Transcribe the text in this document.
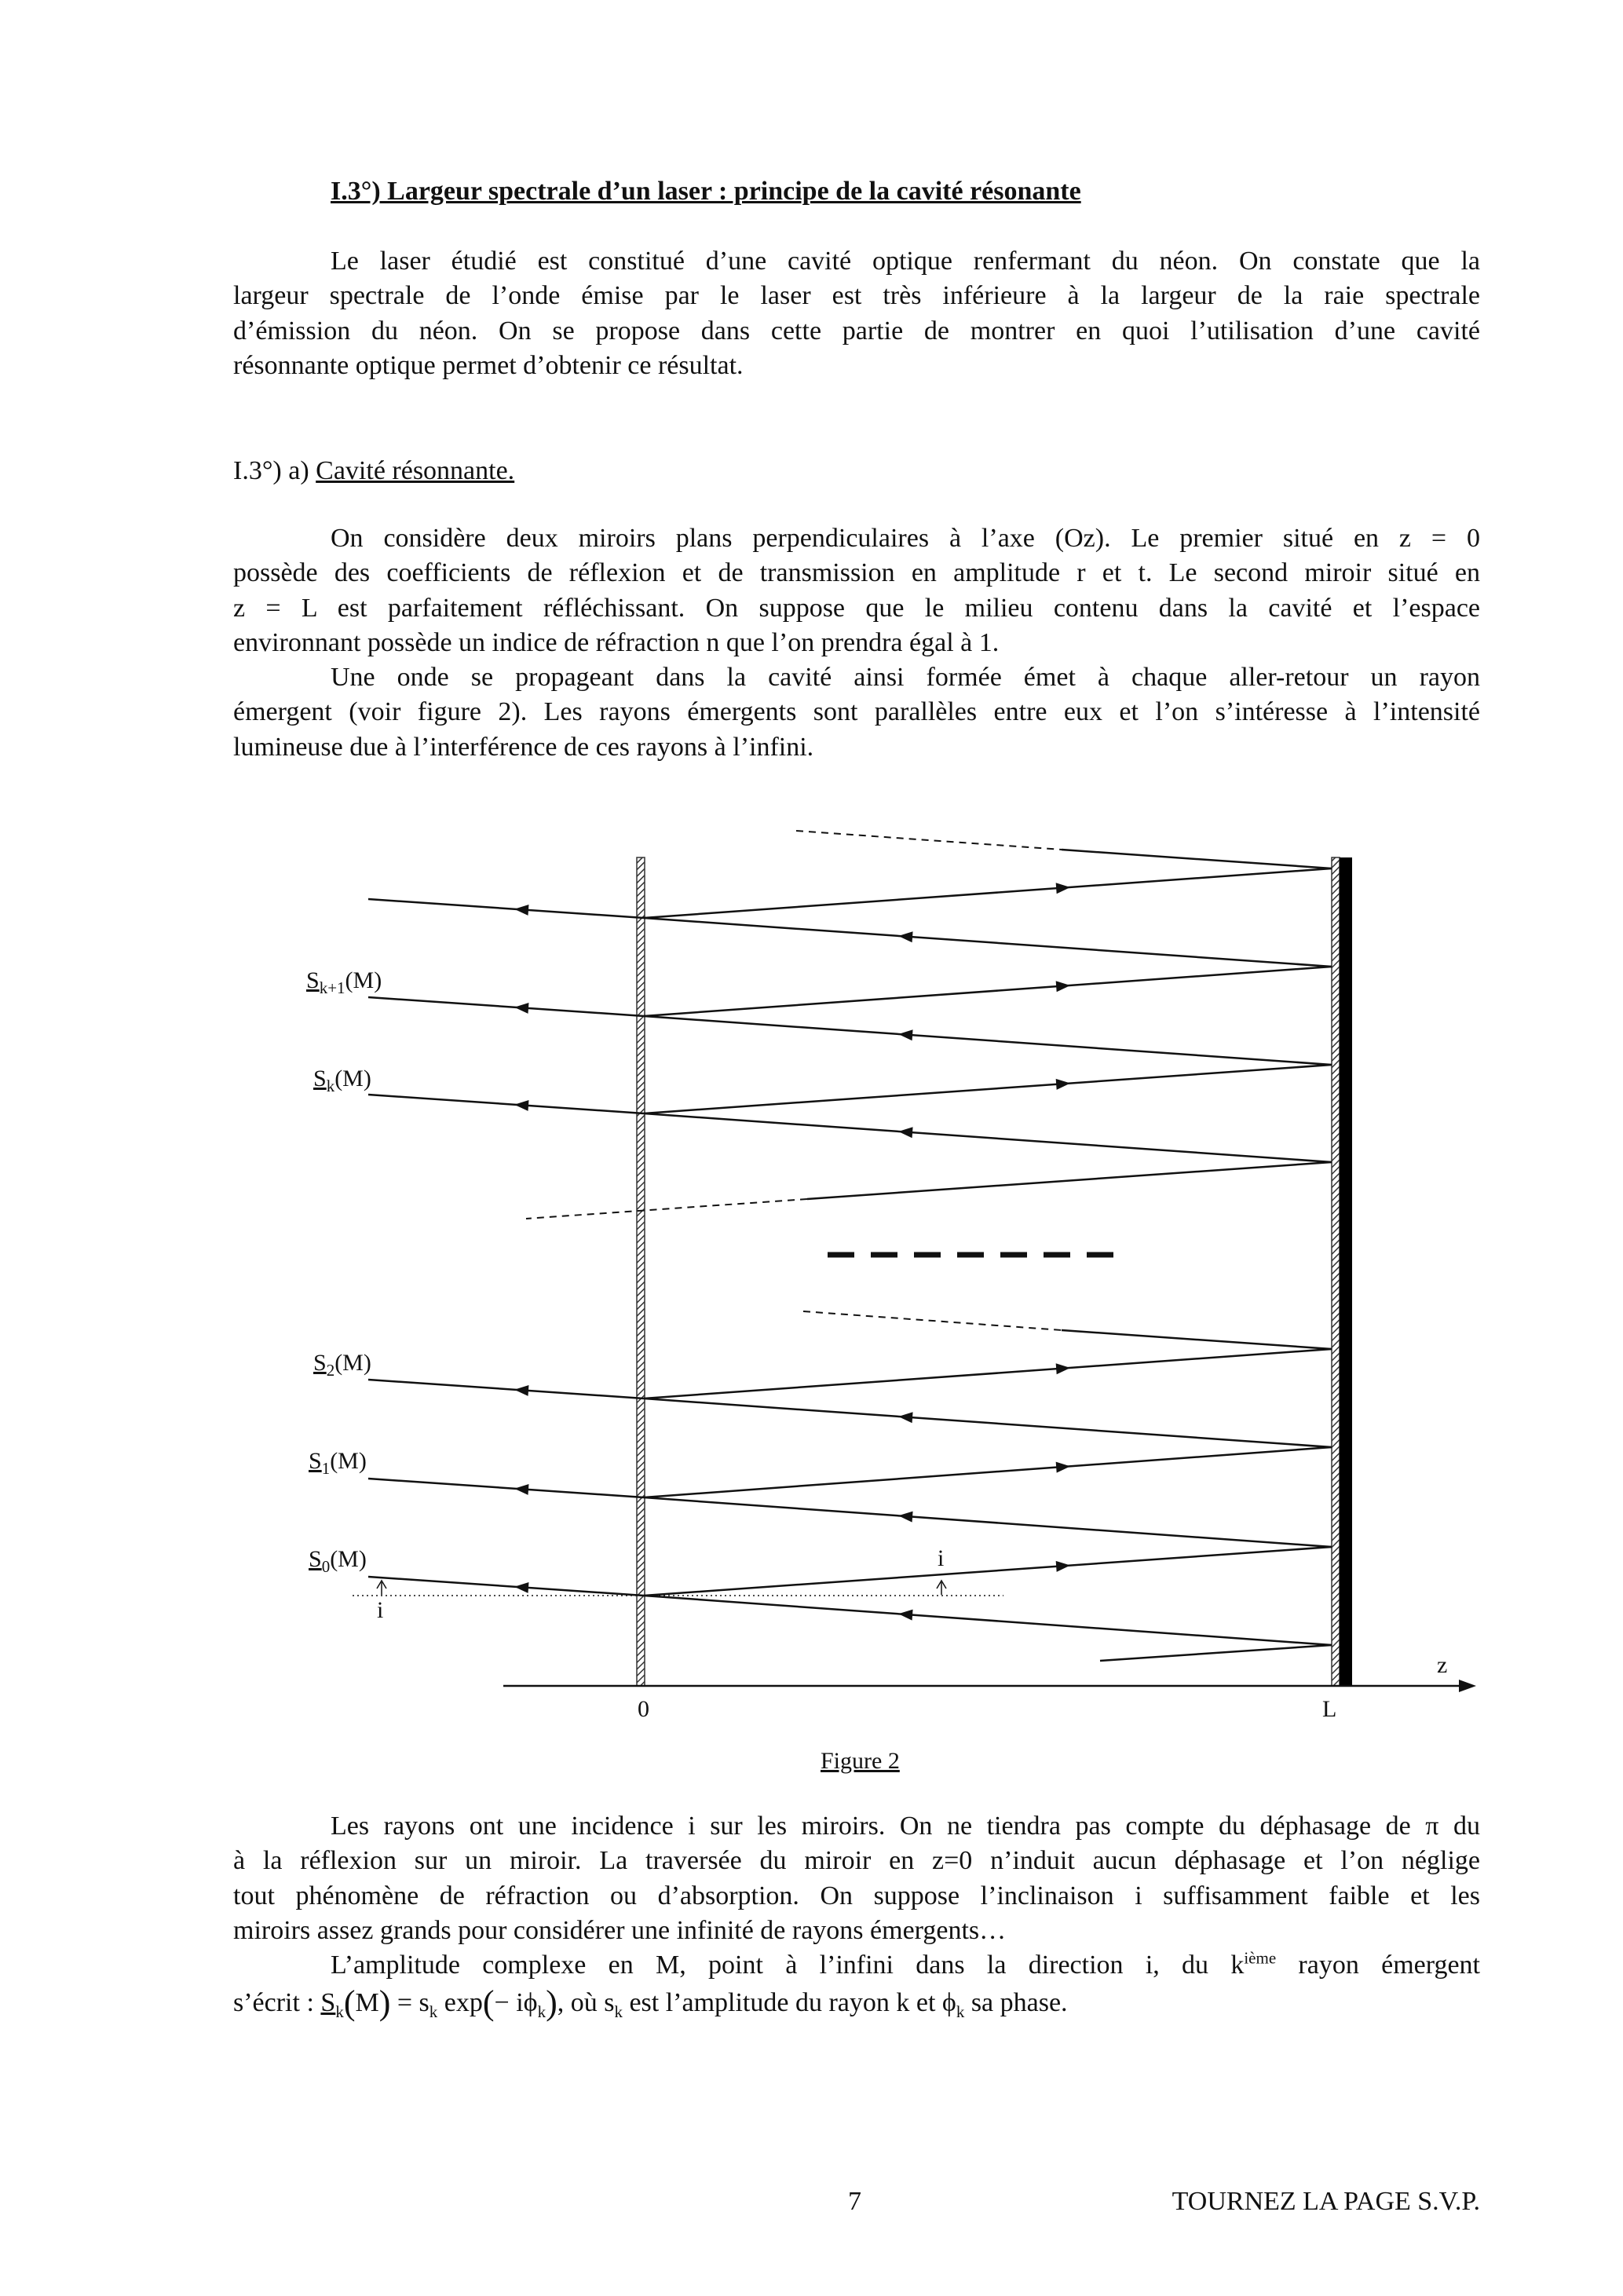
I.3°) Largeur spectrale d’un laser : principe de la cavité résonante
Le laser étudié est constitué d’une cavité optique renfermant du néon. On constate que la
largeur spectrale de l’onde émise par le laser est très inférieure à la largeur de la raie spectrale
d’émission du néon. On se propose dans cette partie de montrer en quoi l’utilisation d’une cavité
résonnante optique permet d’obtenir ce résultat.
I.3°) a) Cavité résonnante.
On considère deux miroirs plans perpendiculaires à l’axe (Oz). Le premier situé en z = 0
possède des coefficients de réflexion et de transmission en amplitude r et t. Le second miroir situé en
z = L est parfaitement réfléchissant. On suppose que le milieu contenu dans la cavité et l’espace
environnant possède un indice de réfraction n que l’on prendra égal à 1.
Une onde se propageant dans la cavité ainsi formée émet à chaque aller-retour un rayon
émergent (voir figure 2). Les rayons émergents sont parallèles entre eux et l’on s’intéresse à l’intensité
lumineuse due à l’interférence de ces rayons à l’infini.
$S_{k+1}(M)$
$S_k(M)$
$S_2(M)$
$S_1(M)$
$S_0(M)$	i
i
0	L
z
Figure 2
Les rayons ont une incidence i sur les miroirs. On ne tiendra pas compte du déphasage de π du
à la réflexion sur un miroir. La traversée du miroir en z=0 n’induit aucun déphasage et l’on néglige
tout phénomène de réfraction ou d’absorption. On suppose l’inclinaison i suffisamment faible et les
miroirs assez grands pour considérer une infinité de rayons émergents…
L’amplitude complexe en M, point à l’infini dans la direction i, du $k^{ième}$ rayon émergent
s’écrit : $S_k(M) = s_k$ $\exp(- i\phi_k)$, où $s_k$ est l’amplitude du rayon k et $\phi_k$ sa phase.
7	TOURNEZ LA PAGE S.V.P.
